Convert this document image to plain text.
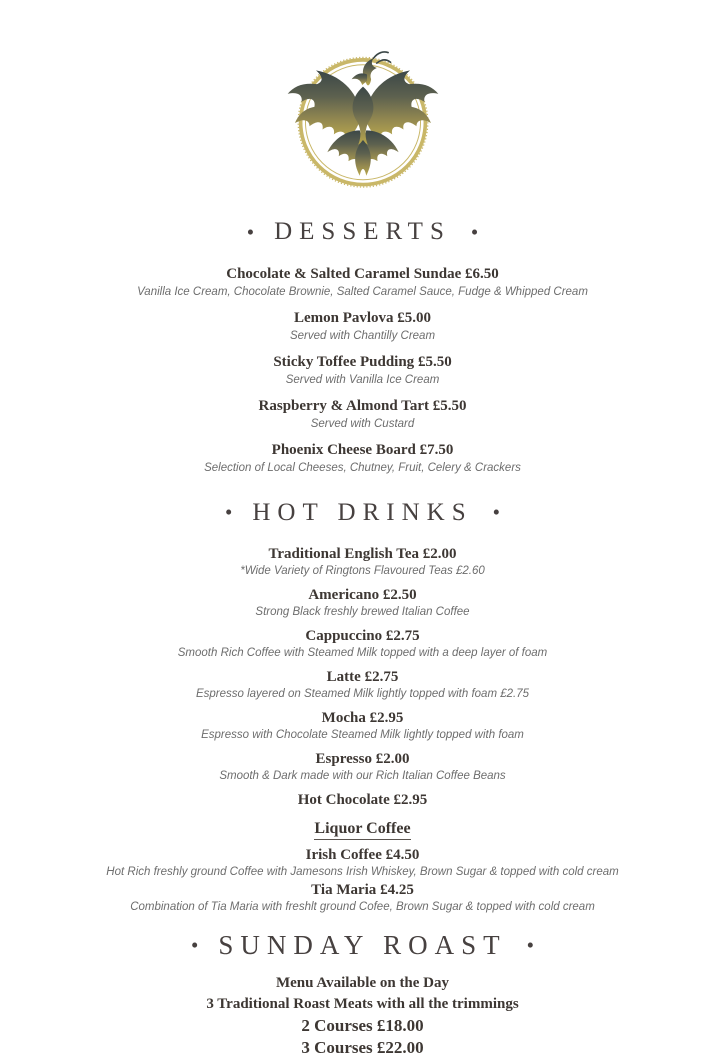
• DESSERTS •
Chocolate & Salted Caramel Sundae £6.50
Vanilla Ice Cream, Chocolate Brownie, Salted Caramel Sauce, Fudge & Whipped Cream
Lemon Pavlova £5.00
Served with Chantilly Cream
Sticky Toffee Pudding £5.50
Served with Vanilla Ice Cream
Raspberry & Almond Tart £5.50
Served with Custard
Phoenix Cheese Board £7.50
Selection of Local Cheeses, Chutney, Fruit, Celery & Crackers
• HOT DRINKS •
Traditional English Tea £2.00
*Wide Variety of Ringtons Flavoured Teas £2.60
Americano £2.50
Strong Black freshly brewed Italian Coffee
Cappuccino £2.75
Smooth Rich Coffee with Steamed Milk topped with a deep layer of foam
Latte £2.75
Espresso layered on Steamed Milk lightly topped with foam £2.75
Mocha £2.95
Espresso with Chocolate Steamed Milk lightly topped with foam
Espresso £2.00
Smooth & Dark made with our Rich Italian Coffee Beans
Hot Chocolate £2.95
Liquor Coffee
Irish Coffee £4.50
Hot Rich freshly ground Coffee with Jamesons Irish Whiskey, Brown Sugar & topped with cold cream
Tia Maria £4.25
Combination of Tia Maria with freshlt ground Cofee, Brown Sugar & topped with cold cream
• SUNDAY ROAST •
Menu Available on the Day
3 Traditional Roast Meats with all the trimmings
2 Courses £18.00
3 Courses £22.00
